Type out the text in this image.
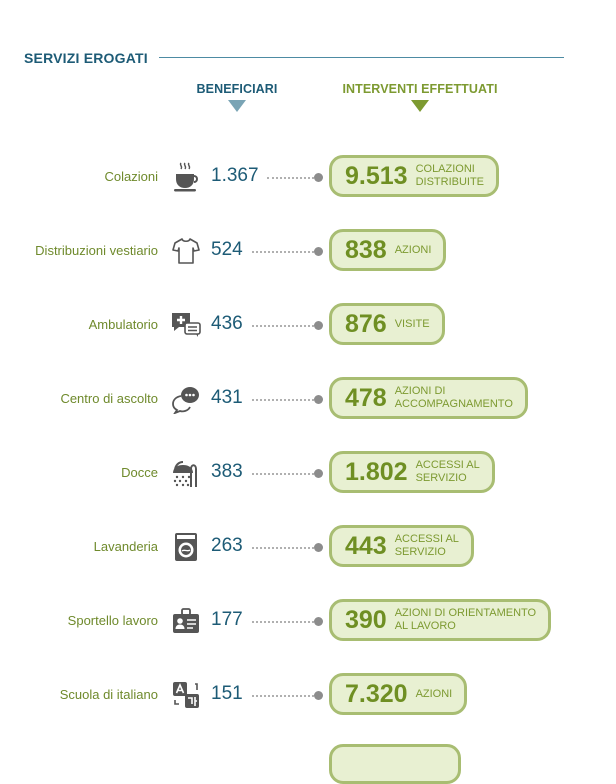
SERVIZI EROGATI
BENEFICIARI	INTERVENTI EFFETTUATI
Colazioni	1.367	9.513 COLAZIONI
DISTRIBUITE
Distribuzioni vestiario	524	838 AZIONI
Ambulatorio	436	876 VISITE
Centro di ascolto	431	478 AZIONI DI
ACCOMPAGNAMENTO
Docce	383	1.802 ACCESSI AL
SERVIZIO
Lavanderia	263	443 ACCESSI AL
SERVIZIO
Sportello lavoro	177	390 AZIONI DI ORIENTAMENTO
AL LAVORO
Scuola di italiano	151	7.320 AZIONI
